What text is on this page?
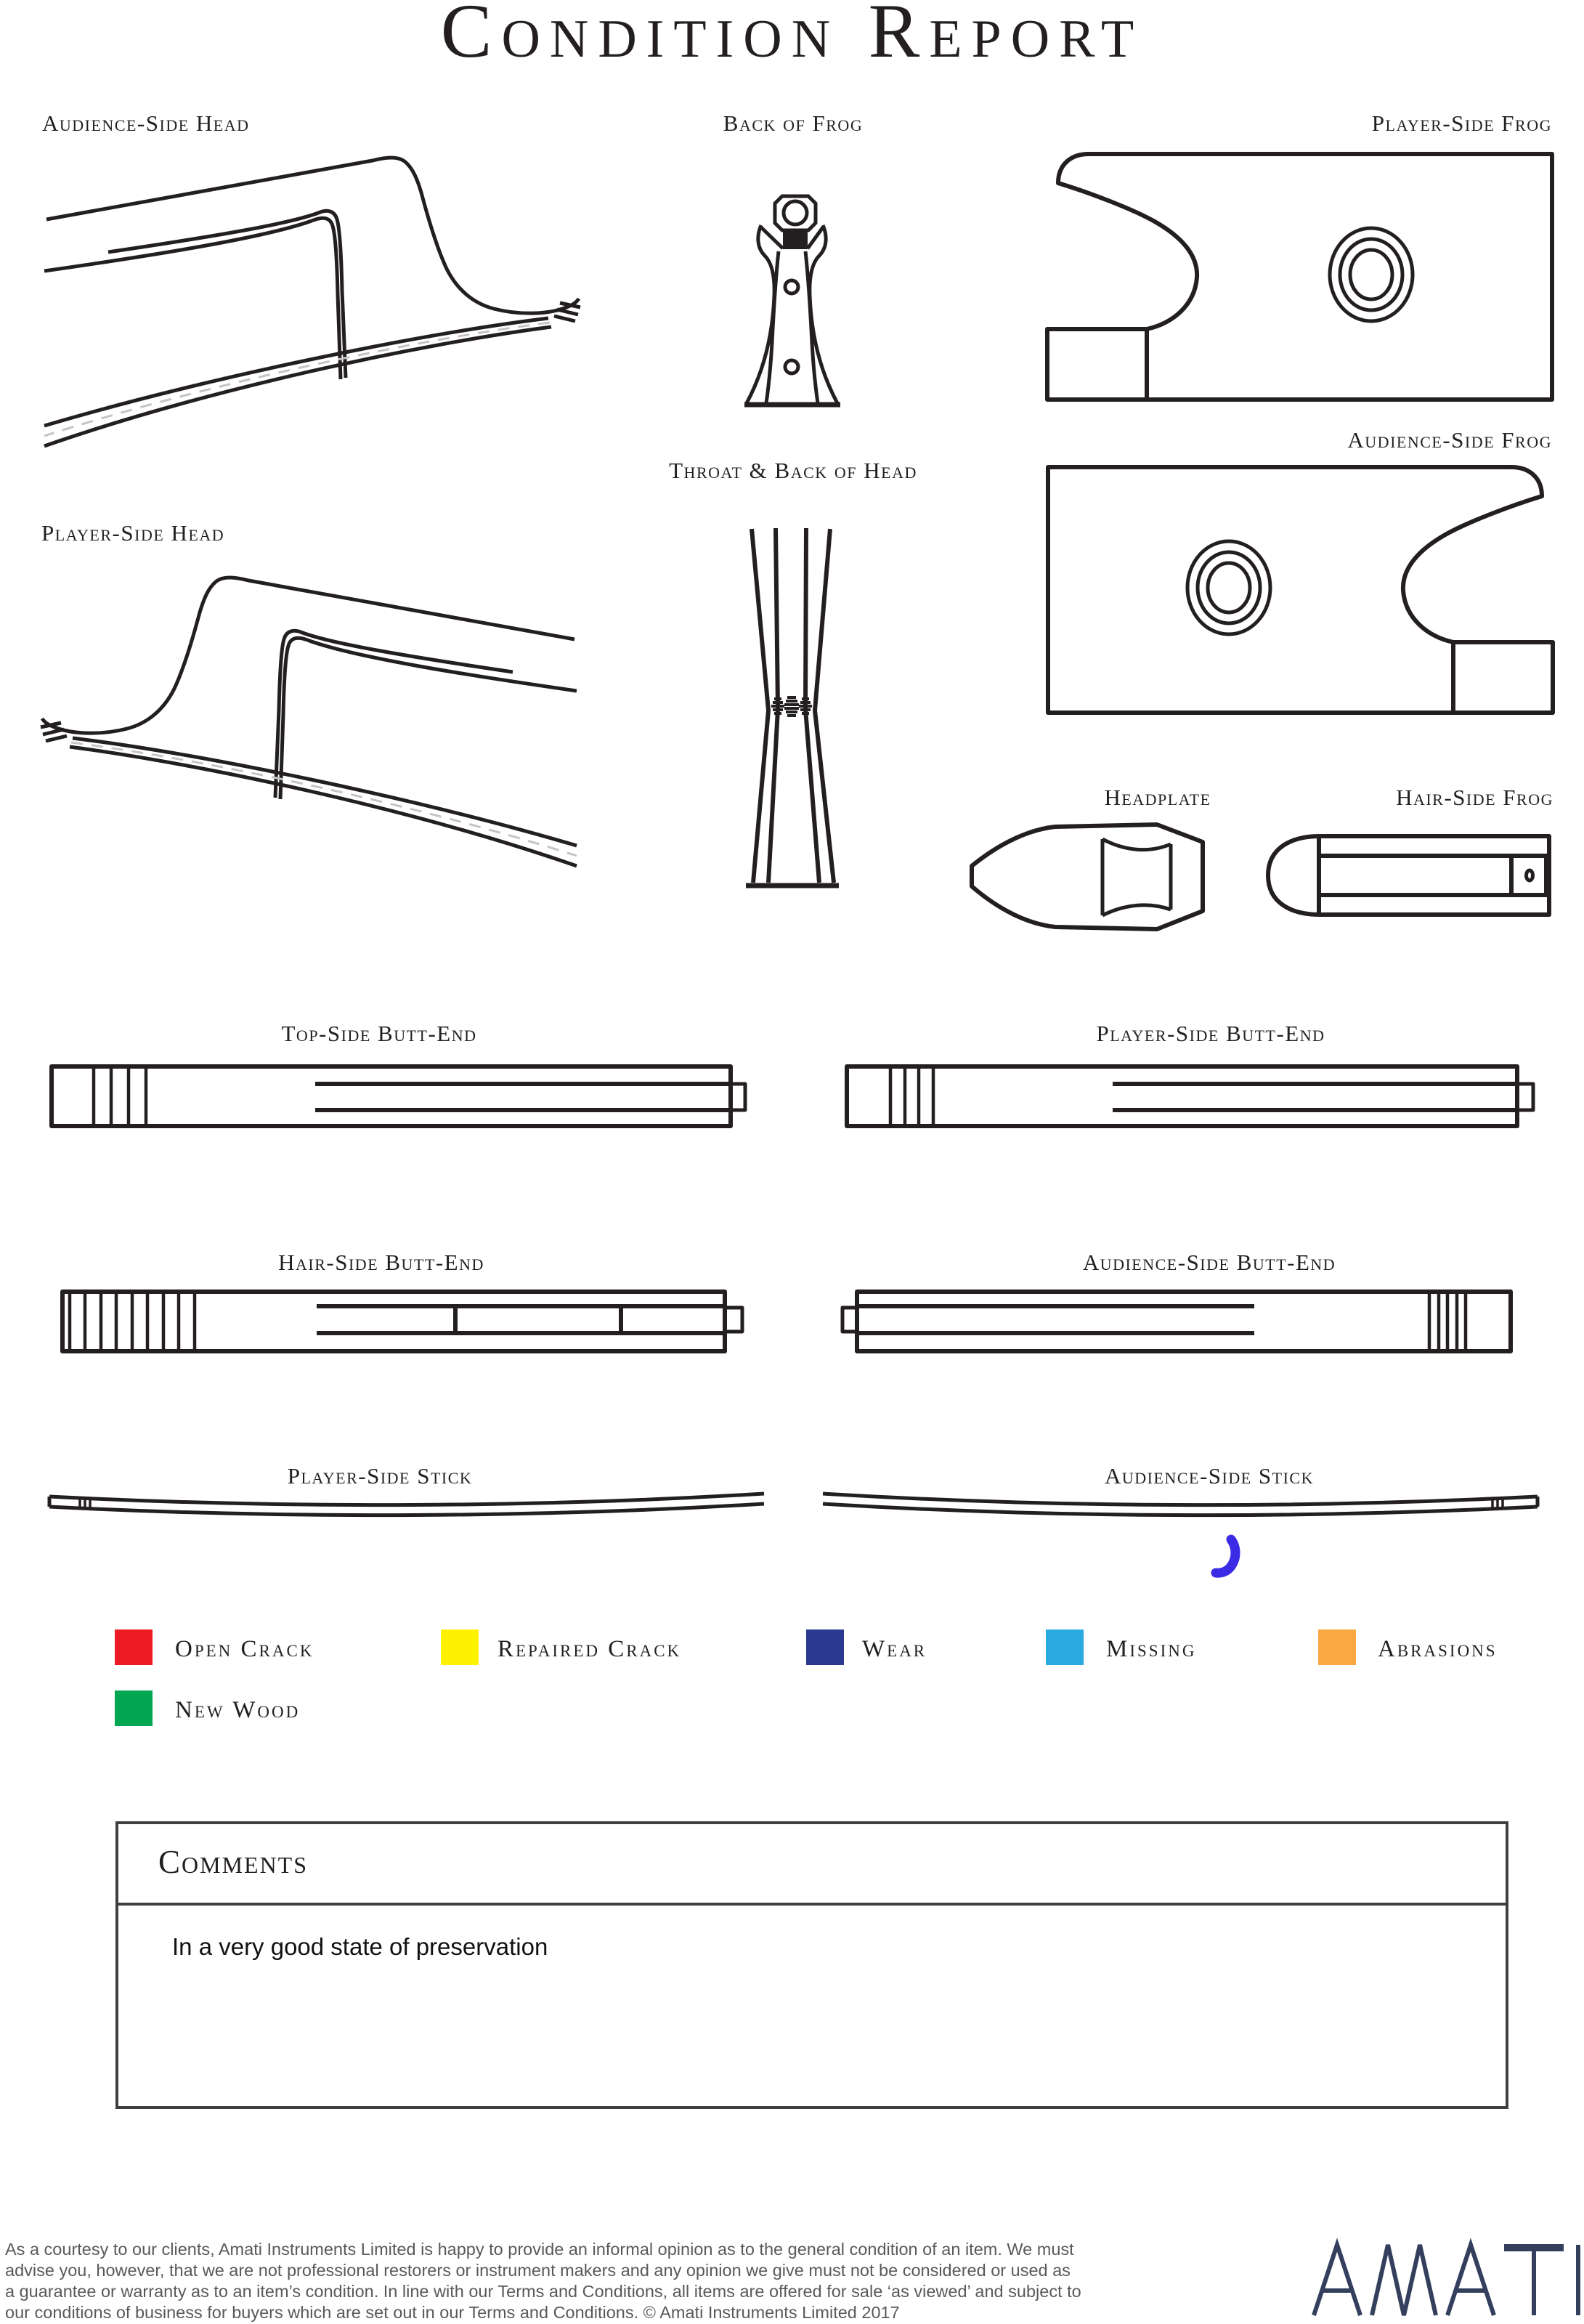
Condition Report
Audience-Side Head	Back of Frog	Player-Side Frog
Player-Side Head
Throat & Back of Head
Audience-Side Frog
Headplate	Hair-Side Frog
Top-Side Butt-End	Player-Side Butt-End
Hair-Side Butt-End	Audience-Side Butt-End
Player-Side Stick	Audience-Side Stick
Open Crack	Repaired Crack	Wear	Missing	Abrasions
New Wood
Comments
In a very good state of preservation
As a courtesy to our clients, Amati Instruments Limited is happy to provide an informal opinion as to the general condition of an item. We must
advise you, however, that we are not professional restorers or instrument makers and any opinion we give must not be considered or used as
a guarantee or warranty as to an item’s condition. In line with our Terms and Conditions, all items are offered for sale ‘as viewed’ and subject to
our conditions of business for buyers which are set out in our Terms and Conditions. © Amati Instruments Limited 2017
